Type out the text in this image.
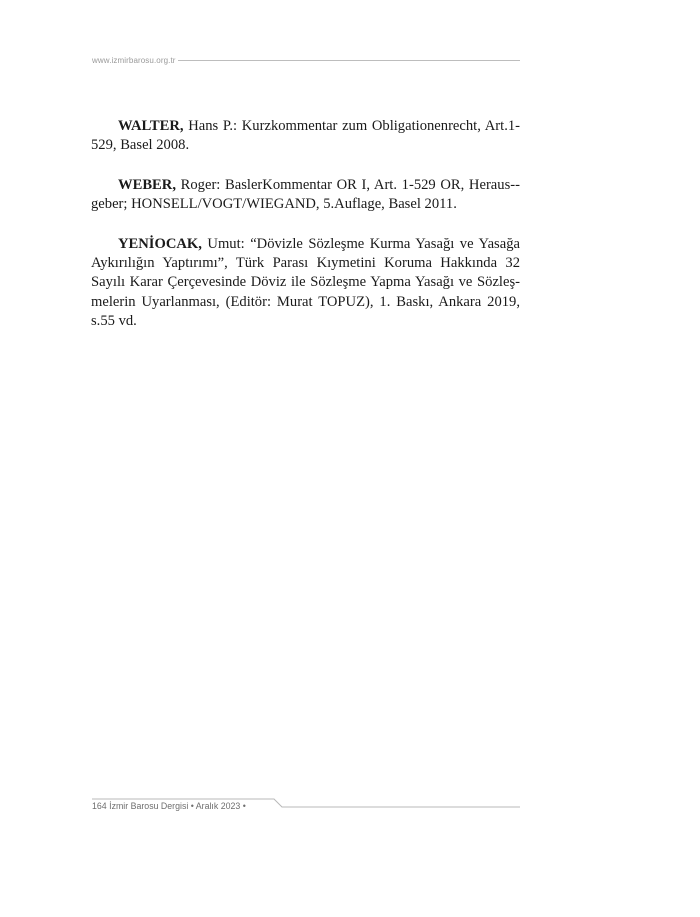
www.izmirbarosu.org.tr

WALTER, Hans P.: Kurzkommentar zum Obligationenrecht, Art.1-529, Basel 2008.

WEBER, Roger: BaslerKommentar OR I, Art. 1-529 OR, Heraus-geber; HONSELL/VOGT/WIEGAND, 5.Auflage, Basel 2011.

YENİOCAK, Umut: “Dövizle Sözleşme Kurma Yasağı ve Yasağa Aykırılığın Yaptırımı”, Türk Parası Kıymetini Koruma Hakkında 32 Sayılı Karar Çerçevesinde Döviz ile Sözleşme Yapma Yasağı ve Sözleş-melerin Uyarlanması, (Editör: Murat TOPUZ), 1. Baskı, Ankara 2019, s.55 vd.

164 İzmir Barosu Dergisi • Aralık 2023 •
